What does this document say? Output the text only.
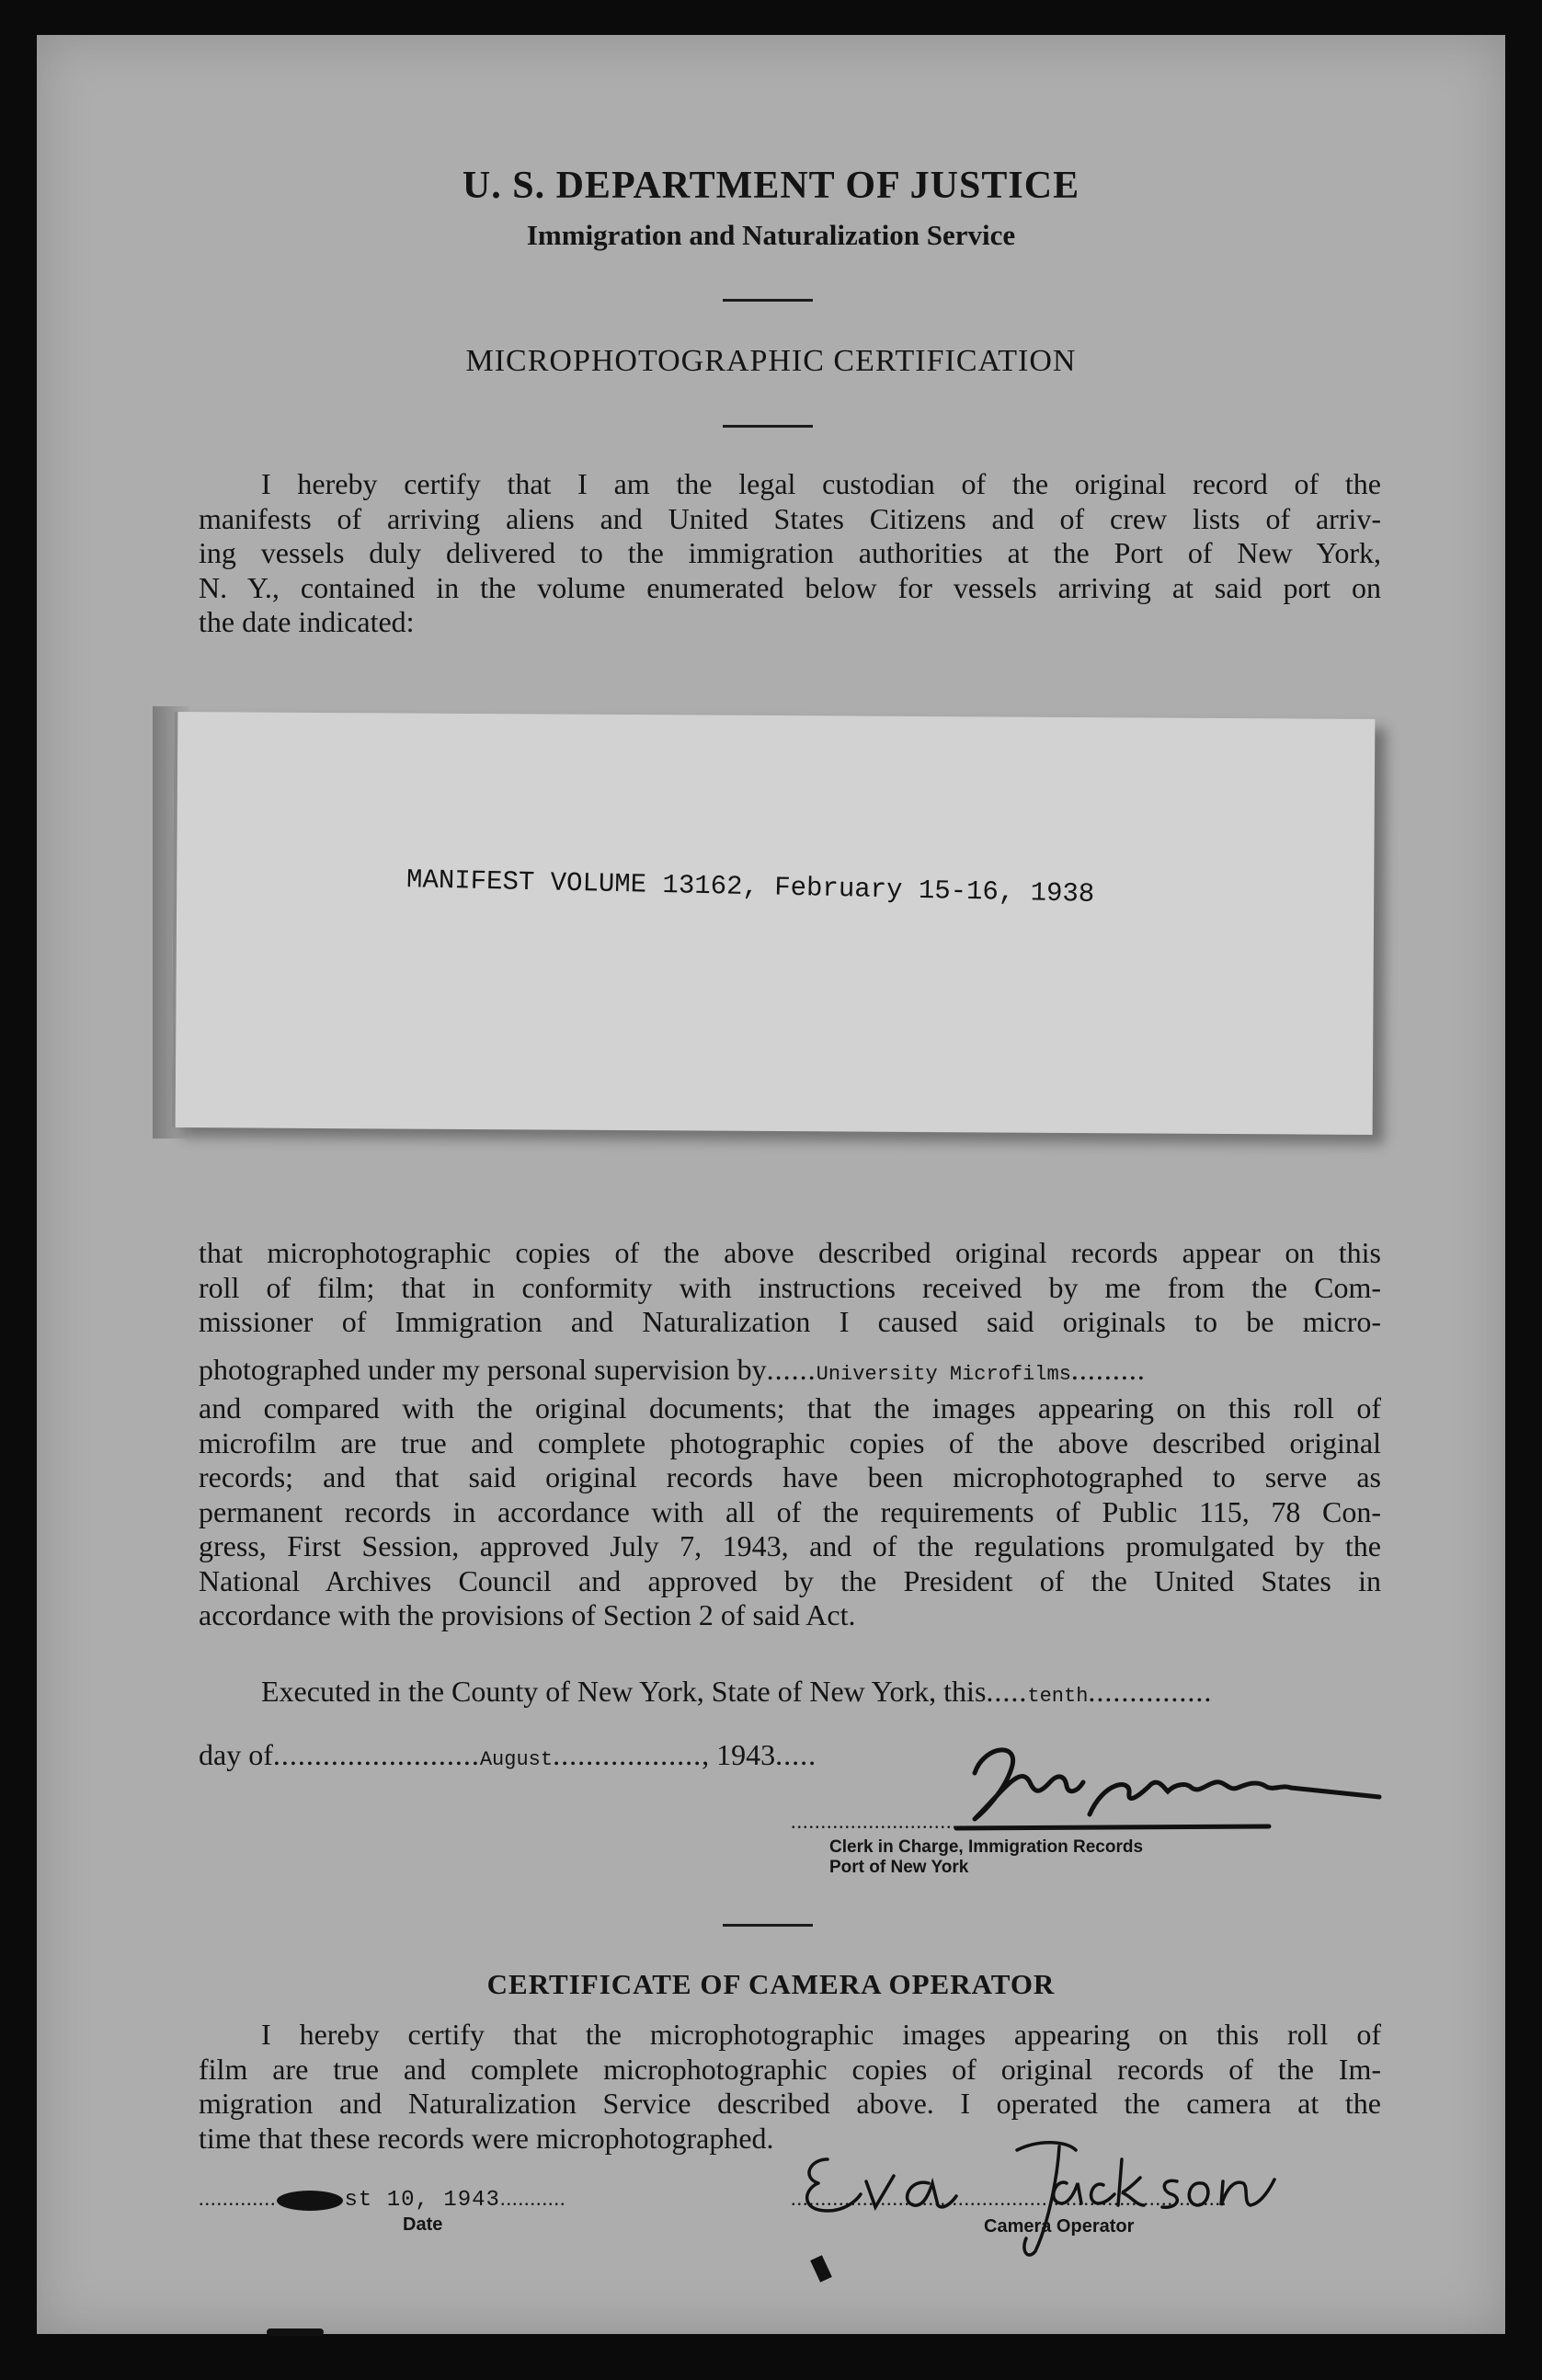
U. S. DEPARTMENT OF JUSTICE
Immigration and Naturalization Service
MICROPHOTOGRAPHIC CERTIFICATION

I hereby certify that I am the legal custodian of the original record of the
manifests of arriving aliens and United States Citizens and of crew lists of arriv-
ing vessels duly delivered to the immigration authorities at the Port of New York,
N. Y., contained in the volume enumerated below for vessels arriving at said port on
the date indicated:

MANIFEST VOLUME 13162, February 15-16, 1938

that microphotographic copies of the above described original records appear on this
roll of film; that in conformity with instructions received by me from the Com-
missioner of Immigration and Naturalization I caused said originals to be micro-
photographed under my personal supervision by......University Microfilms.........
and compared with the original documents; that the images appearing on this roll of
microfilm are true and complete photographic copies of the above described original
records; and that said original records have been microphotographed to serve as
permanent records in accordance with all of the requirements of Public 115, 78 Con-
gress, First Session, approved July 7, 1943, and of the regulations promulgated by the
National Archives Council and approved by the President of the United States in
accordance with the provisions of Section 2 of said Act.

Executed in the County of New York, State of New York, this.....tenth...............
day of.........................August.................., 1943.....
.............................................................
Clerk in Charge, Immigration Records
Port of New York
CERTIFICATE OF CAMERA OPERATOR

I hereby certify that the microphotographic images appearing on this roll of
film are true and complete microphotographic copies of original records of the Im-
migration and Naturalization Service described above. I operated the camera at the
time that these records were microphotographed.

.............	st 10, 1943...........
Date
.........................................................................
Camera Operator
